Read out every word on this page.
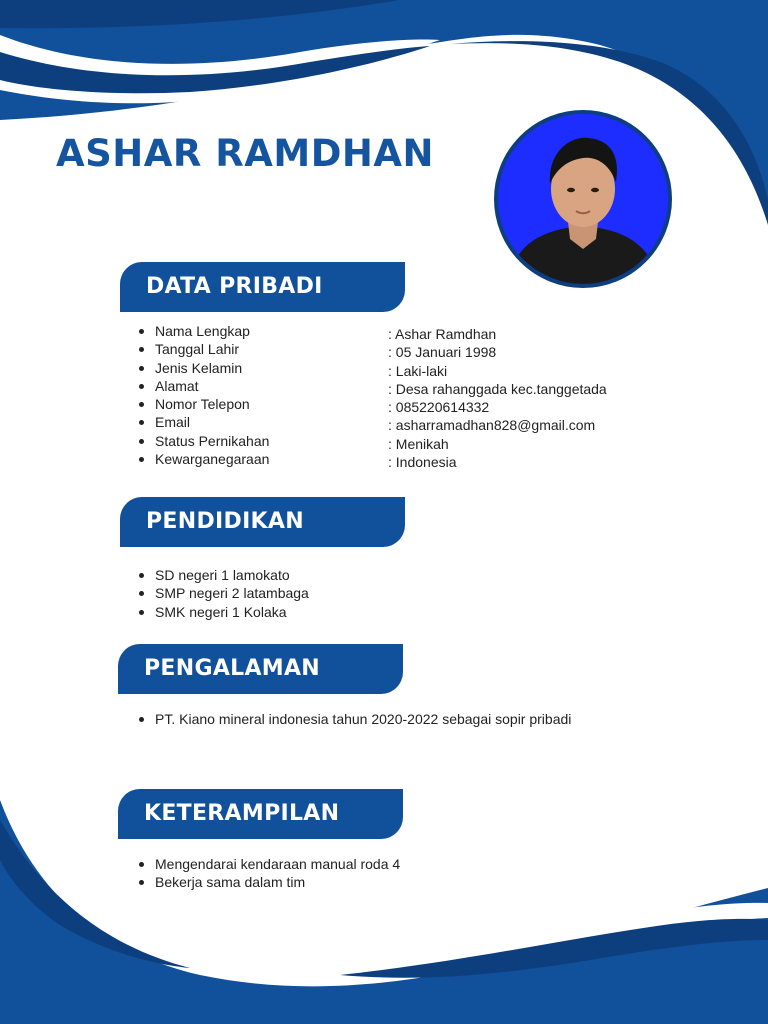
ASHAR RAMDHAN
DATA PRIBADI
Nama Lengkap
Tanggal Lahir
Jenis Kelamin
Alamat
Nomor Telepon
Email
Status Pernikahan
Kewarganegaraan
: Ashar Ramdhan
: 05 Januari 1998
: Laki-laki
: Desa rahanggada kec.tanggetada
: 085220614332
: asharramadhan828@gmail.com
: Menikah
: Indonesia
PENDIDIKAN
SD negeri 1 lamokato
SMP negeri 2 latambaga
SMK negeri 1 Kolaka
PENGALAMAN
PT. Kiano mineral indonesia tahun 2020-2022 sebagai sopir pribadi
KETERAMPILAN
Mengendarai kendaraan manual roda 4
Bekerja sama dalam tim
